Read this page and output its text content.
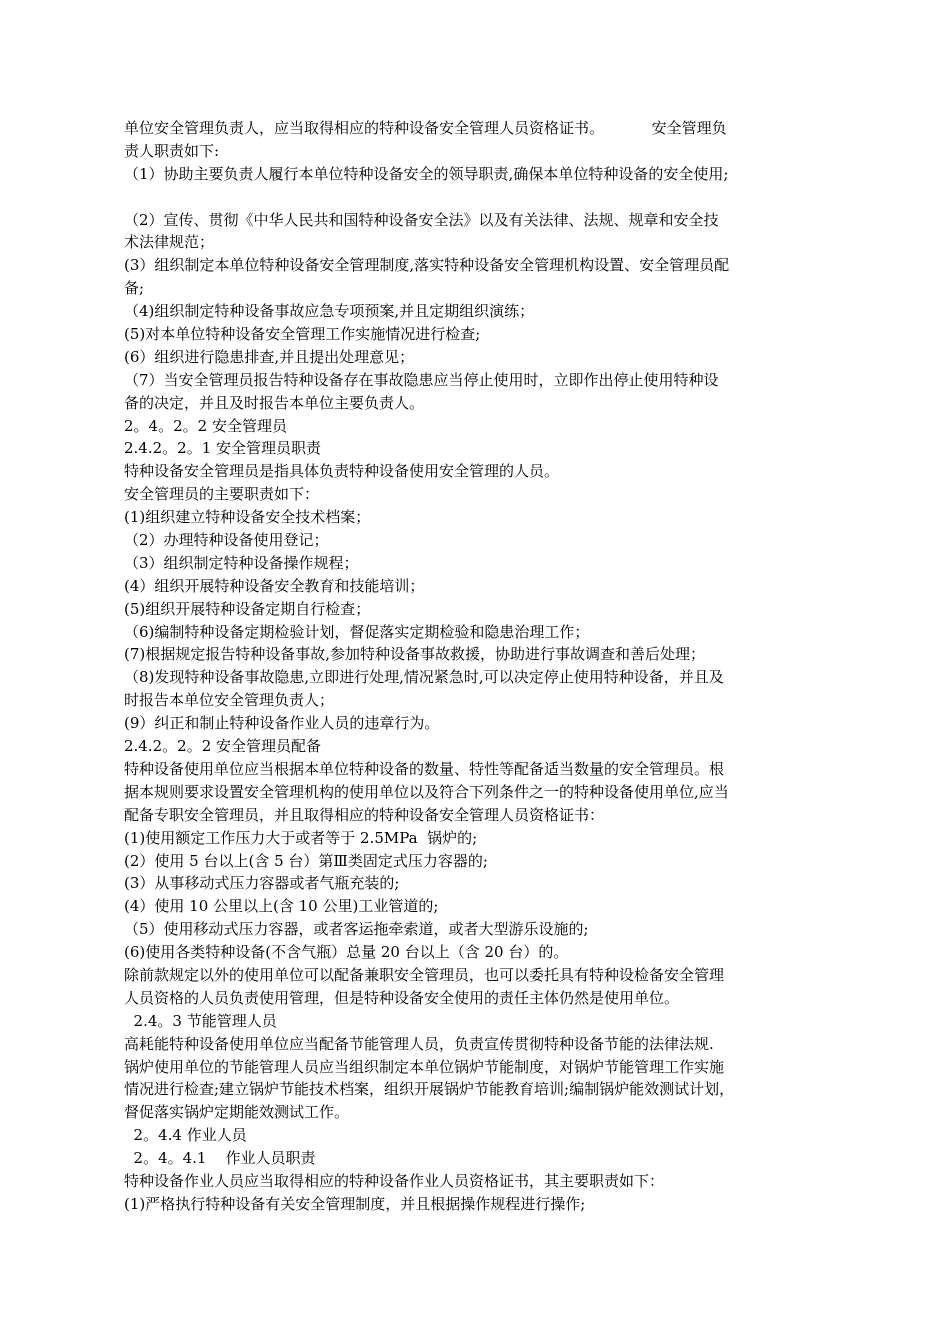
单位安全管理负责人，应当取得相应的特种设备安全管理人员资格证书。          安全管理负
责人职责如下:
（1）协助主要负责人履行本单位特种设备安全的领导职责,确保本单位特种设备的安全使用;
（2）宣传、贯彻《中华人民共和国特种设备安全法》以及有关法律、法规、规章和安全技
术法律规范；
(3）组织制定本单位特种设备安全管理制度,落实特种设备安全管理机构设置、安全管理员配
备;
（4)组织制定特种设备事故应急专项预案,并且定期组织演练；
(5)对本单位特种设备安全管理工作实施情况进行检查;
(6）组织进行隐患排查,并且提出处理意见；
（7）当安全管理员报告特种设备存在事故隐患应当停止使用时，立即作出停止使用特种设
备的决定，并且及时报告本单位主要负责人。
2。4。2。2 安全管理员
2.4.2。2。1 安全管理员职责
特种设备安全管理员是指具体负责特种设备使用安全管理的人员。
安全管理员的主要职责如下：
(1)组织建立特种设备安全技术档案；
（2）办理特种设备使用登记；
（3）组织制定特种设备操作规程；
(4）组织开展特种设备安全教育和技能培训；
(5)组织开展特种设备定期自行检查；
（6)编制特种设备定期检验计划，督促落实定期检验和隐患治理工作；
(7)根据规定报告特种设备事故,参加特种设备事故救援，协助进行事故调查和善后处理；
（8)发现特种设备事故隐患,立即进行处理,情况紧急时,可以决定停止使用特种设备，并且及
时报告本单位安全管理负责人；
(9）纠正和制止特种设备作业人员的违章行为。
2.4.2。2。2 安全管理员配备
特种设备使用单位应当根据本单位特种设备的数量、特性等配备适当数量的安全管理员。根
据本规则要求设置安全管理机构的使用单位以及符合下列条件之一的特种设备使用单位,应当
配备专职安全管理员，并且取得相应的特种设备安全管理人员资格证书：
(1)使用额定工作压力大于或者等于 2.5MPa  锅炉的;
(2）使用 5 台以上(含 5 台）第Ⅲ类固定式压力容器的;
(3）从事移动式压力容器或者气瓶充装的;
(4）使用 10 公里以上(含 10 公里)工业管道的;
（5）使用移动式压力容器，或者客运拖牵索道，或者大型游乐设施的;
(6)使用各类特种设备(不含气瓶）总量 20 台以上（含 20 台）的。
除前款规定以外的使用单位可以配备兼职安全管理员，也可以委托具有特种设检备安全管理
人员资格的人员负责使用管理，但是特种设备安全使用的责任主体仍然是使用单位。
2.4。3 节能管理人员
高耗能特种设备使用单位应当配备节能管理人员，负责宣传贯彻特种设备节能的法律法规.
锅炉使用单位的节能管理人员应当组织制定本单位锅炉节能制度，对锅炉节能管理工作实施
情况进行检查;建立锅炉节能技术档案，组织开展锅炉节能教育培训;编制锅炉能效测试计划，
督促落实锅炉定期能效测试工作。
2。4.4 作业人员
2。4。4.1    作业人员职责
特种设备作业人员应当取得相应的特种设备作业人员资格证书，其主要职责如下：
(1)严格执行特种设备有关安全管理制度，并且根据操作规程进行操作;
